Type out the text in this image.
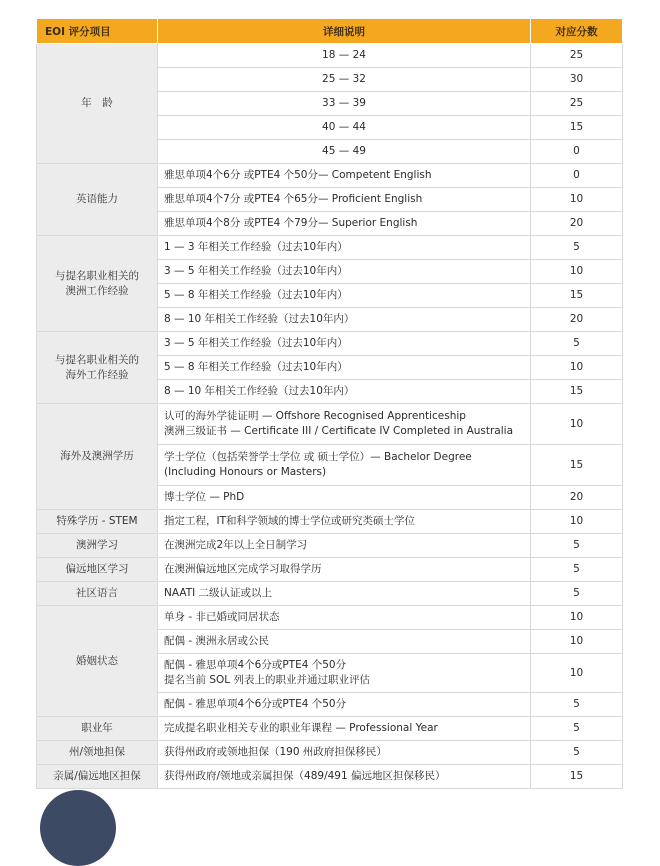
EOI 评分项目	详细说明	对应分数
年　龄	18 — 24	25
	25 — 32	30
	33 — 39	25
	40 — 44	15
	45 — 49	0
英语能力	雅思单项4个6分 或PTE4 个50分— Competent English	0
	雅思单项4个7分 或PTE4 个65分— Proficient English	10
	雅思单项4个8分 或PTE4 个79分— Superior English	20

与提名职业相关的
澳洲工作经验	1 — 3 年相关工作经验（过去10年内）	5
	3 — 5 年相关工作经验（过去10年内）	10
	5 — 8 年相关工作经验（过去10年内）	15
	8 — 10 年相关工作经验（过去10年内）	20

与提名职业相关的
海外工作经验	3 — 5 年相关工作经验（过去10年内）	5
	5 — 8 年相关工作经验（过去10年内）	10
	8 — 10 年相关工作经验（过去10年内）	15
海外及澳洲学历	认可的海外学徒证明 — Offshore Recognised Apprenticeship
澳洲三级证书 — Certificate III / Certificate IV Completed in Australia	10

	学士学位（包括荣誉学士学位 或 硕士学位）— Bachelor Degree
(Including Honours or Masters)	15
	博士学位 — PhD	20
特殊学历 - STEM	指定工程，IT和科学领域的博士学位或研究类硕士学位	10
澳洲学习	在澳洲完成2年以上全日制学习	5
偏远地区学习	在澳洲偏远地区完成学习取得学历	5
社区语言	NAATI 二级认证或以上	5
婚姻状态	单身 - 非已婚或同居状态	10
	配偶 - 澳洲永居或公民	10

	配偶 - 雅思单项4个6分或PTE4 个50分
提名当前 SOL 列表上的职业并通过职业评估	10
	配偶 - 雅思单项4个6分或PTE4 个50分	5
职业年	完成提名职业相关专业的职业年课程 — Professional Year	5
州/领地担保	获得州政府或领地担保（190 州政府担保移民）	5
亲属/偏远地区担保	获得州政府/领地或亲属担保（489/491 偏远地区担保移民）	15
